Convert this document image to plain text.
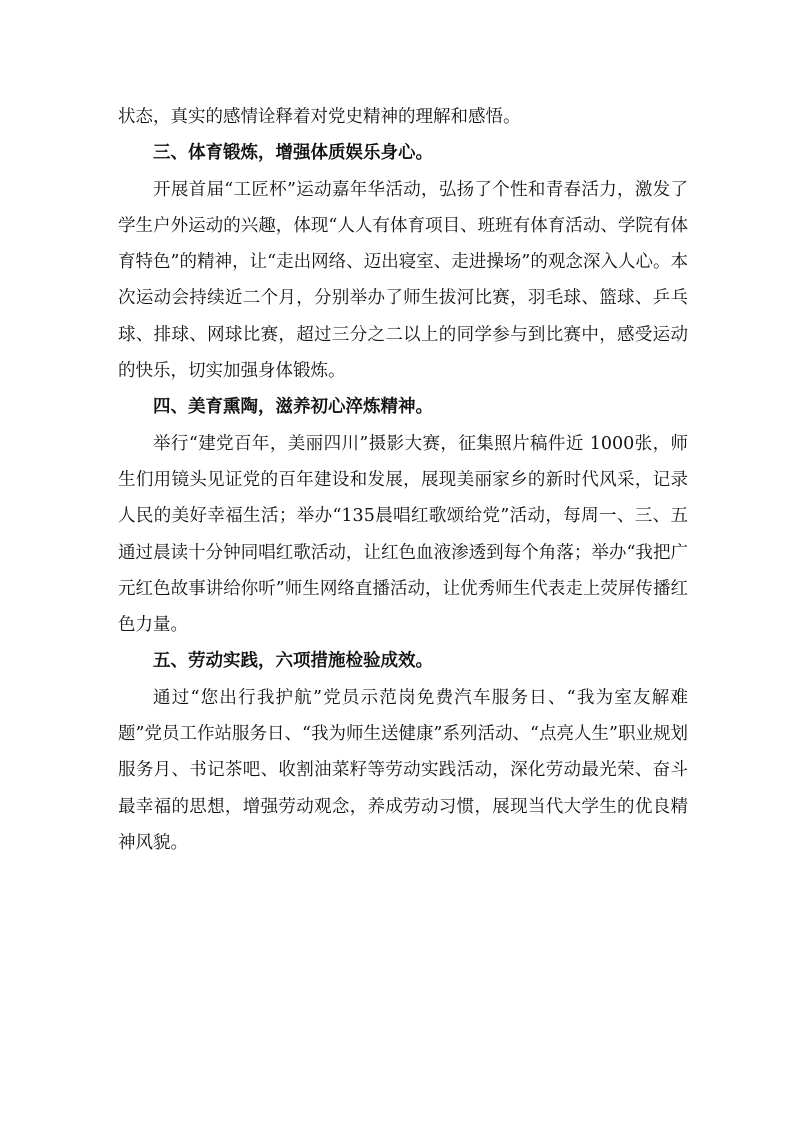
状态，真实的感情诠释着对党史精神的理解和感悟。

三、体育锻炼，增强体质娱乐身心。

开展首届“工匠杯”运动嘉年华活动，弘扬了个性和青春活力，激发了学生户外运动的兴趣，体现“人人有体育项目、班班有体育活动、学院有体育特色”的精神，让“走出网络、迈出寝室、走进操场”的观念深入人心。本次运动会持续近二个月，分别举办了师生拔河比赛，羽毛球、篮球、乒乓球、排球、网球比赛，超过三分之二以上的同学参与到比赛中，感受运动的快乐，切实加强身体锻炼。

四、美育熏陶，滋养初心淬炼精神。

举行“建党百年，美丽四川”摄影大赛，征集照片稿件近 1000张，师生们用镜头见证党的百年建设和发展，展现美丽家乡的新时代风采，记录人民的美好幸福生活；举办“135晨唱红歌颂给党”活动，每周一、三、五通过晨读十分钟同唱红歌活动，让红色血液渗透到每个角落；举办“我把广元红色故事讲给你听”师生网络直播活动，让优秀师生代表走上荧屏传播红色力量。

五、劳动实践，六项措施检验成效。

通过“您出行我护航”党员示范岗免费汽车服务日、“我为室友解难题”党员工作站服务日、“我为师生送健康”系列活动、“点亮人生”职业规划服务月、书记茶吧、收割油菜籽等劳动实践活动，深化劳动最光荣、奋斗最幸福的思想，增强劳动观念，养成劳动习惯，展现当代大学生的优良精神风貌。
